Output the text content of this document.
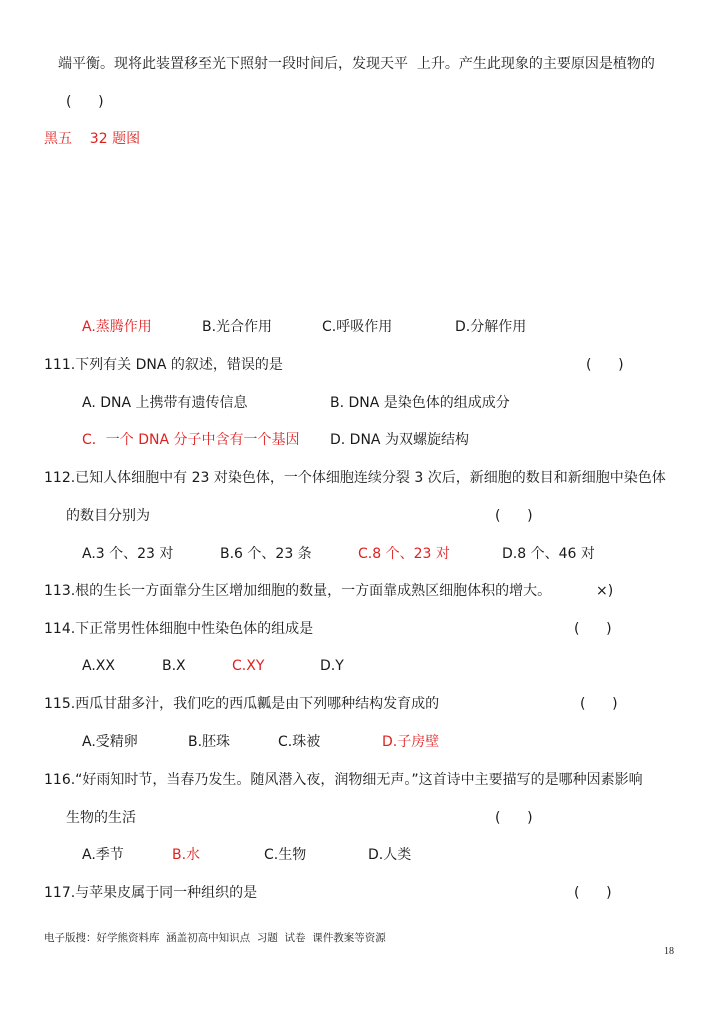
端平衡。现将此装置移至光下照射一段时间后，发现天平  上升。产生此现象的主要原因是植物的
(      )
黑五    32 题图
A.蒸腾作用	B.光合作用	C.呼吸作用	D.分解作用
111.下列有关 DNA 的叙述，错误的是	(      )
A. DNA 上携带有遗传信息	B. DNA 是染色体的组成成分
C．一个 DNA 分子中含有一个基因 D. DNA 为双螺旋结构
112.已知人体细胞中有 23 对染色体，一个体细胞连续分裂 3 次后，新细胞的数目和新细胞中染色体
的数目分别为	(      )
A.3 个、23 对	B.6 个、23 条	C.8 个、23 对	D.8 个、46 对
113.根的生长一方面靠分生区增加细胞的数量，一方面靠成熟区细胞体积的增大。	×)
114.下正常男性体细胞中性染色体的组成是	(      )
A.XX	B.X	C.XY	D.Y
115.西瓜甘甜多汁，我们吃的西瓜瓤是由下列哪种结构发育成的	(      )
A.受精卵	B.胚珠	C.珠被	D.子房壁
116.“好雨知时节，当春乃发生。随风潜入夜，润物细无声。”这首诗中主要描写的是哪种因素影响
生物的生活	(      )
A.季节	B.水	C.生物	D.人类
117.与苹果皮属于同一种组织的是	(      )
电子版搜：好学熊资料库  涵盖初高中知识点  习题  试卷  课件教案等资源
18
